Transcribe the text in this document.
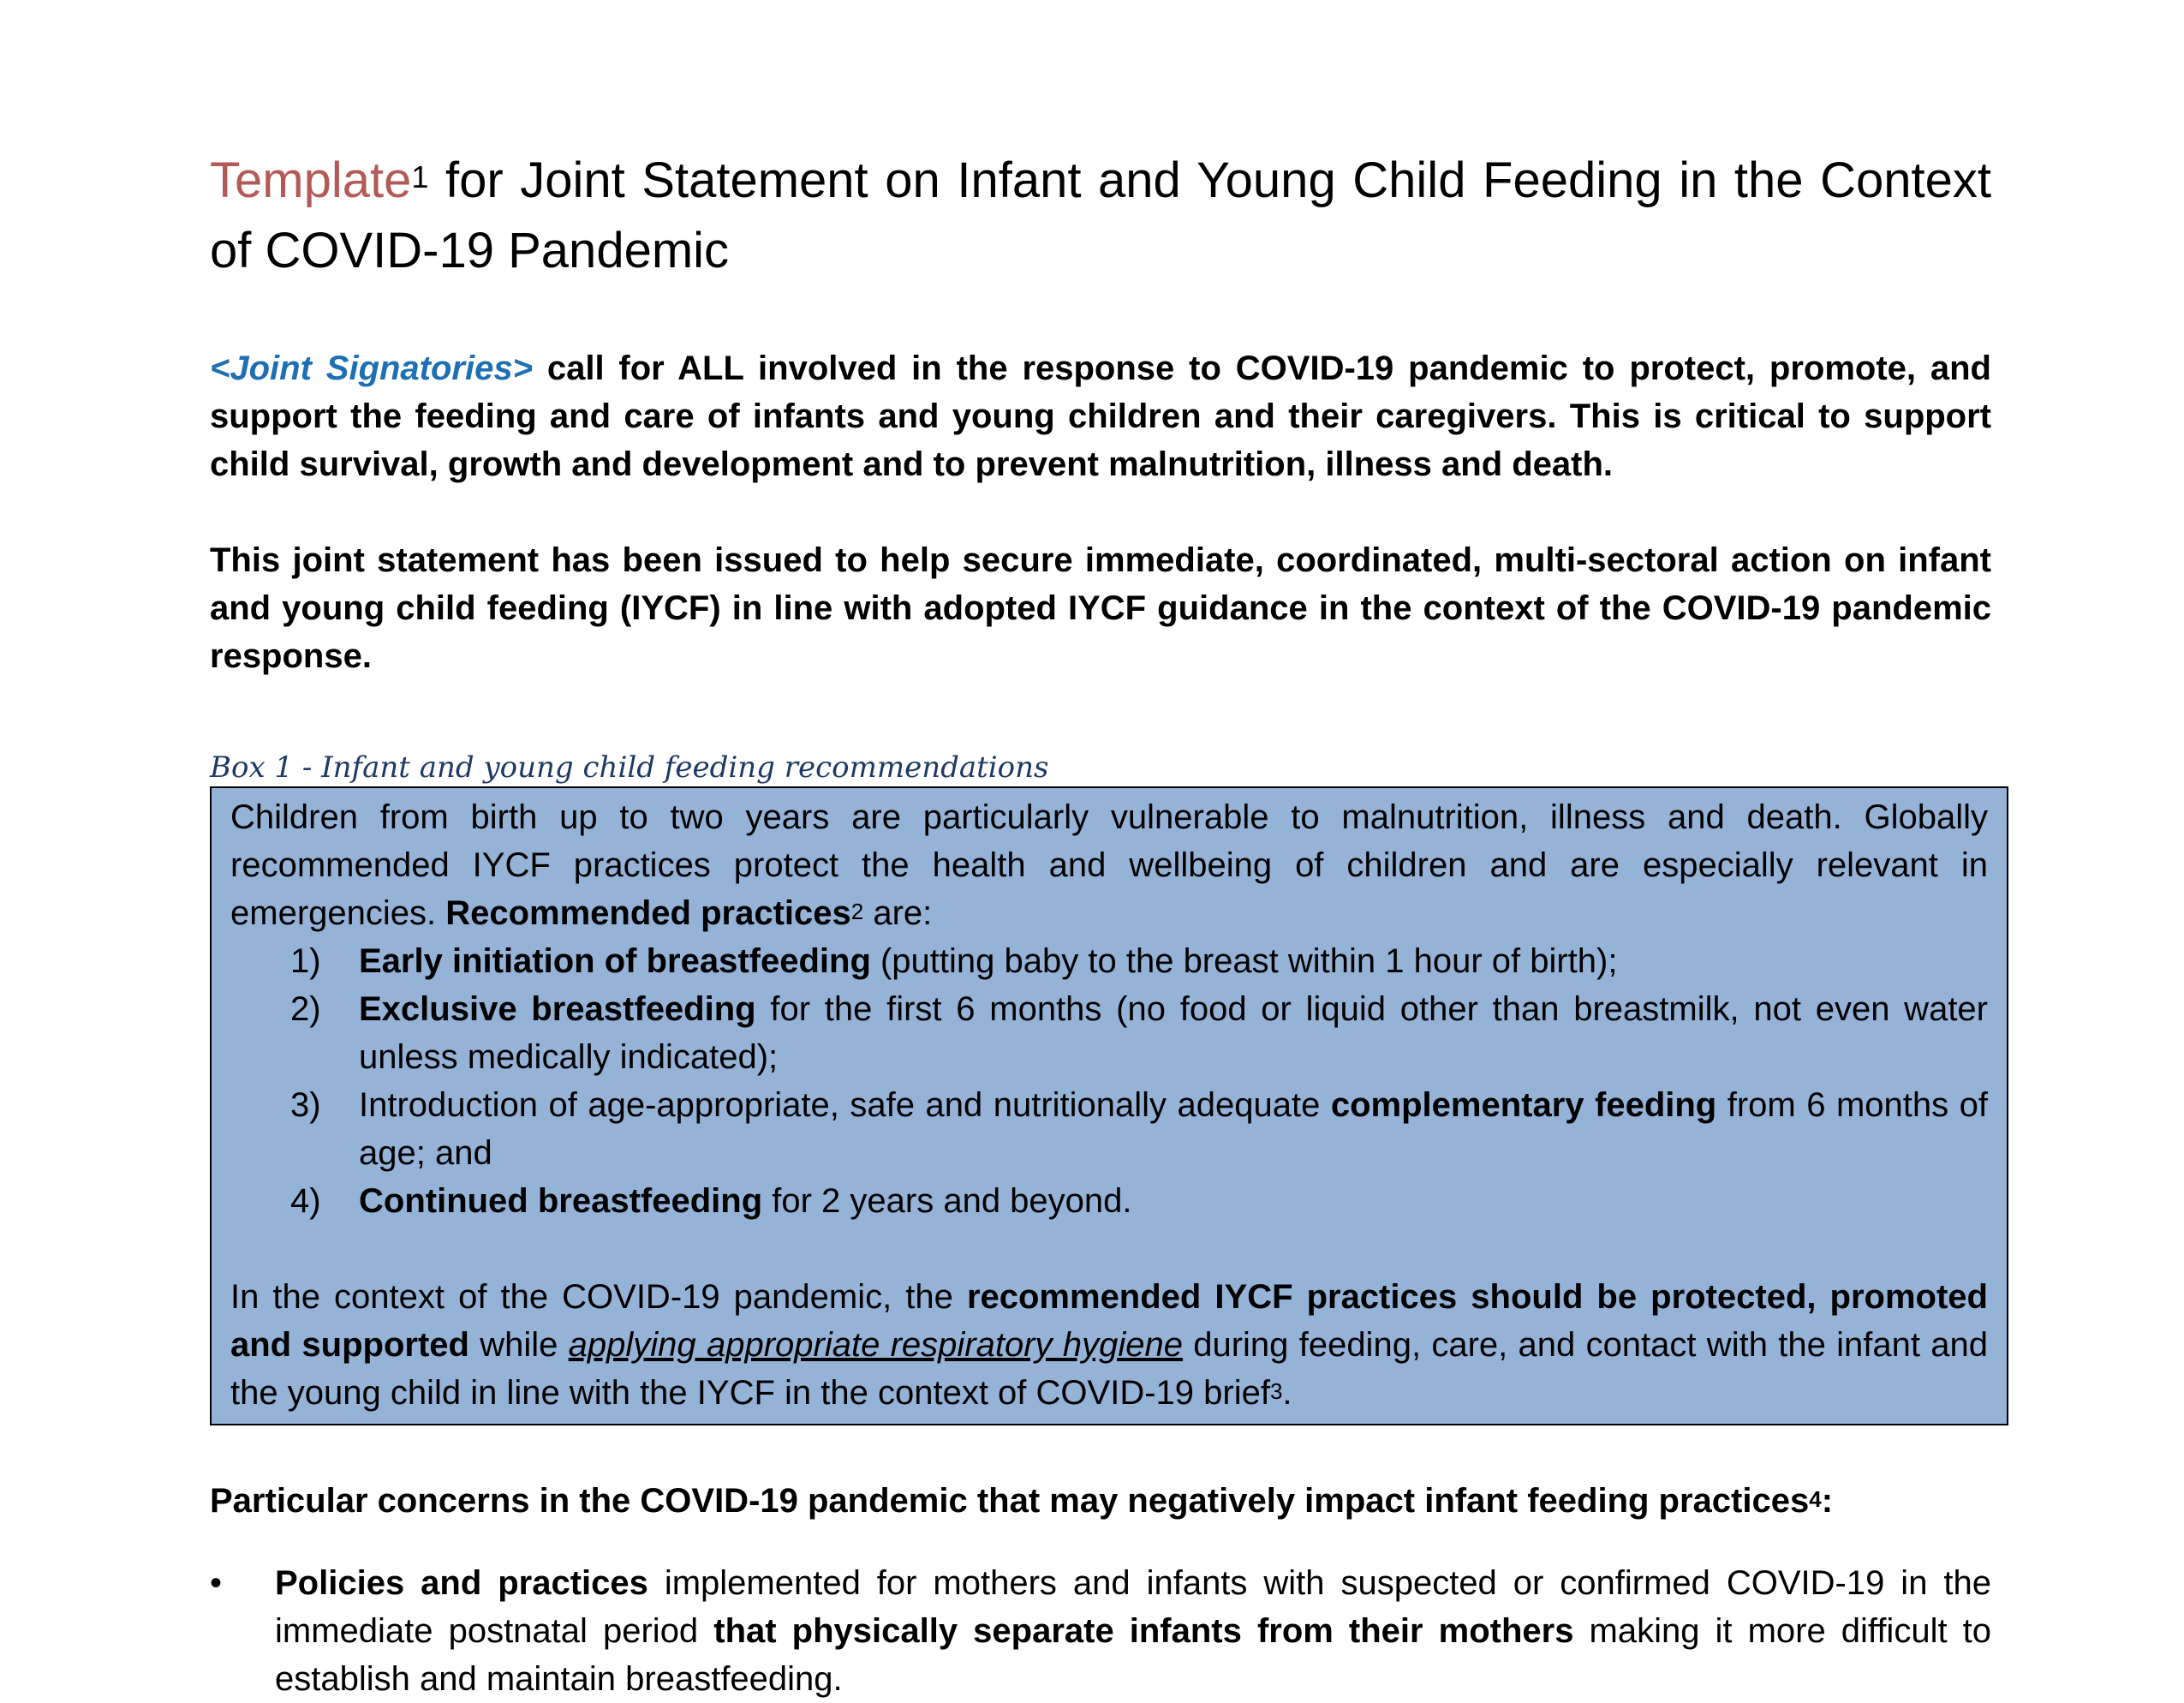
Template$^1$ for Joint Statement on Infant and Young Child Feeding in the Context of COVID-19 Pandemic

<Joint Signatories> call for ALL involved in the response to COVID-19 pandemic to protect, promote, and support the feeding and care of infants and young children and their caregivers. This is critical to support child survival, growth and development and to prevent malnutrition, illness and death.

This joint statement has been issued to help secure immediate, coordinated, multi-sectoral action on infant and young child feeding (IYCF) in line with adopted IYCF guidance in the context of the COVID-19 pandemic response.

Box 1 - Infant and young child feeding recommendations

Children from birth up to two years are particularly vulnerable to malnutrition, illness and death. Globally recommended IYCF practices protect the health and wellbeing of children and are especially relevant in emergencies. Recommended practices$^2$ are:

1) Early initiation of breastfeeding (putting baby to the breast within 1 hour of birth);
2) Exclusive breastfeeding for the first 6 months (no food or liquid other than breastmilk, not even water unless medically indicated);
3) Introduction of age-appropriate, safe and nutritionally adequate complementary feeding from 6 months of age; and
4) Continued breastfeeding for 2 years and beyond.

In the context of the COVID-19 pandemic, the recommended IYCF practices should be protected, promoted and supported while applying appropriate respiratory hygiene during feeding, care, and contact with the infant and the young child in line with the IYCF in the context of COVID-19 brief$^3$.

Particular concerns in the COVID-19 pandemic that may negatively impact infant feeding practices$^4$:

• Policies and practices implemented for mothers and infants with suspected or confirmed COVID-19 in the immediate postnatal period that physically separate infants from their mothers making it more difficult to establish and maintain breastfeeding.
